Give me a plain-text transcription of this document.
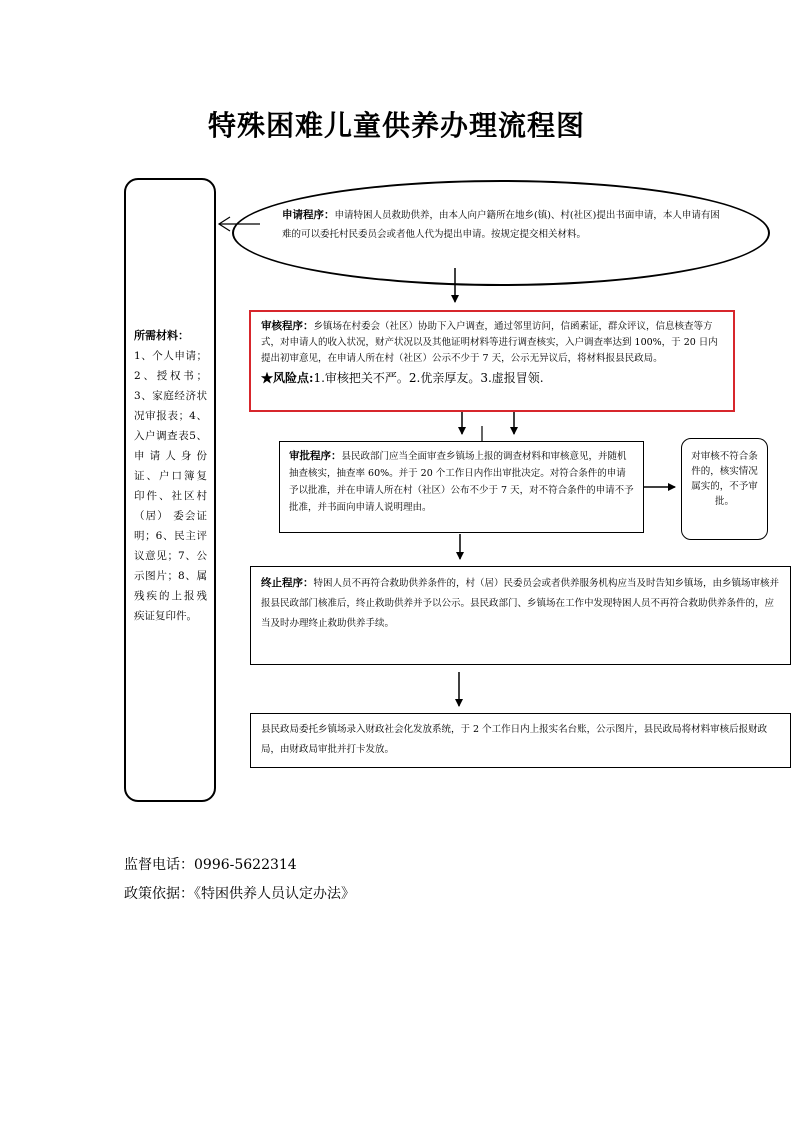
特殊困难儿童供养办理流程图
所需材料：
1、个人申请；2、授权书；3、家庭经济状况审报表；4、入户调查表5、申请人身份证、户口簿复印件、社区村（居） 委会证明；6、民主评议意见；7、公示图片；8、属残疾的上报残疾证复印件。
申请程序：申请特困人员救助供养，由本人向户籍所在地乡(镇)、村(社区)提出书面申请，本人申请有困难的可以委托村民委员会或者他人代为提出申请。按规定提交相关材料。
审核程序：乡镇场在村委会（社区）协助下入户调查，通过邻里访问，信函素证，群众评议，信息核查等方式，对申请人的收入状况，财产状况以及其他证明材料等进行调查核实，入户调查率达到 100%，于 20 日内提出初审意见，在申请人所在村（社区）公示不少于 7 天，公示无异议后，将材料报县民政局。
★风险点:1.审核把关不严。2.优亲厚友。3.虚报冒领.
审批程序：县民政部门应当全面审查乡镇场上报的调查材料和审核意见，并随机抽查核实，抽查率 60%。并于 20 个工作日内作出审批决定。对符合条件的申请予以批准，并在申请人所在村（社区）公布不少于 7 天，对不符合条件的申请不予批准，并书面向申请人说明理由。
对审核不符合条件的，核实情况属实的，不予审批。
终止程序：特困人员不再符合救助供养条件的，村（居）民委员会或者供养服务机构应当及时告知乡镇场，由乡镇场审核并报县民政部门核准后，终止救助供养并予以公示。县民政部门、乡镇场在工作中发现特困人员不再符合救助供养条件的，应当及时办理终止救助供养手续。
县民政局委托乡镇场录入财政社会化发放系统，于 2 个工作日内上报实名台账，公示图片，县民政局将材料审核后报财政局，由财政局审批并打卡发放。
监督电话：0996-5622314
政策依据：《特困供养人员认定办法》
